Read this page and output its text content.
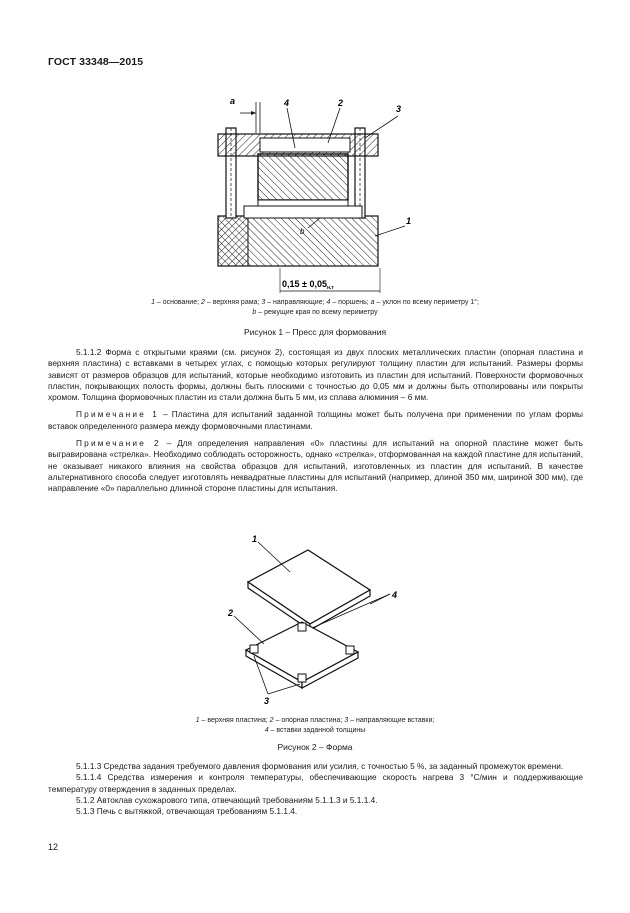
ГОСТ 33348—2015
a	4	2
3
1
b
$0,15 \pm 0,05_{н.т}$
1 – основание; 2 – верхняя рама; 3 – направляющие; 4 – поршень; а – уклон по всему периметру 1°;
b – режущие края по всему периметру
Рисунок 1 – Пресс для формования

5.1.1.2 Форма с открытыми краями (см. рисунок 2), состоящая из двух плоских металлических пластин (опорная пластина и верхняя пластина) с вставками в четырех углах, с помощью которых регулируют толщину пластин для испытаний. Размеры формы зависят от размеров образцов для испытаний, которые необходимо изготовить из пластин для испытаний. Поверхности формовочных пластин, покрывающих полость формы, должны быть плоскими с точностью до 0,05 мм и должны быть отполированы или покрыты хромом. Толщина формовочных пластин из стали должна быть 5 мм, из сплава алюминия – 6 мм.

Примечание 1 – Пластина для испытаний заданной толщины может быть получена при применении по углам формы вставок определенного размера между формовочными пластинами.

Примечание 2 – Для определения направления «0» пластины для испытаний на опорной пластине может быть выгравирована «стрелка». Необходимо соблюдать осторожность, однако «стрелка», отформованная на каждой пластине для испытаний, не оказывает никакого влияния на свойства образцов для испытаний, изготовленных из пластин для испытаний. В качестве альтернативного способа следует изготовлять неквадратные пластины для испытаний (например, длиной 350 мм, шириной 300 мм), где направление «0» параллельно длинной стороне пластины для испытания.

1
4
2
3
1 – верхняя пластина; 2 – опорная пластина; 3 – направляющие вставки;
4 – вставки заданной толщины
Рисунок 2 – Форма

5.1.1.3 Средства задания требуемого давления формования или усилия, с точностью 5 %, за заданный промежуток времени.

5.1.1.4 Средства измерения и контроля температуры, обеспечивающие скорость нагрева 3 °С/мин и поддерживающие температуру отверждения в заданных пределах.

5.1.2 Автоклав сухожарового типа, отвечающий требованиям 5.1.1.3 и 5.1.1.4.

5.1.3 Печь с вытяжкой, отвечающая требованиям 5.1.1.4.

12
